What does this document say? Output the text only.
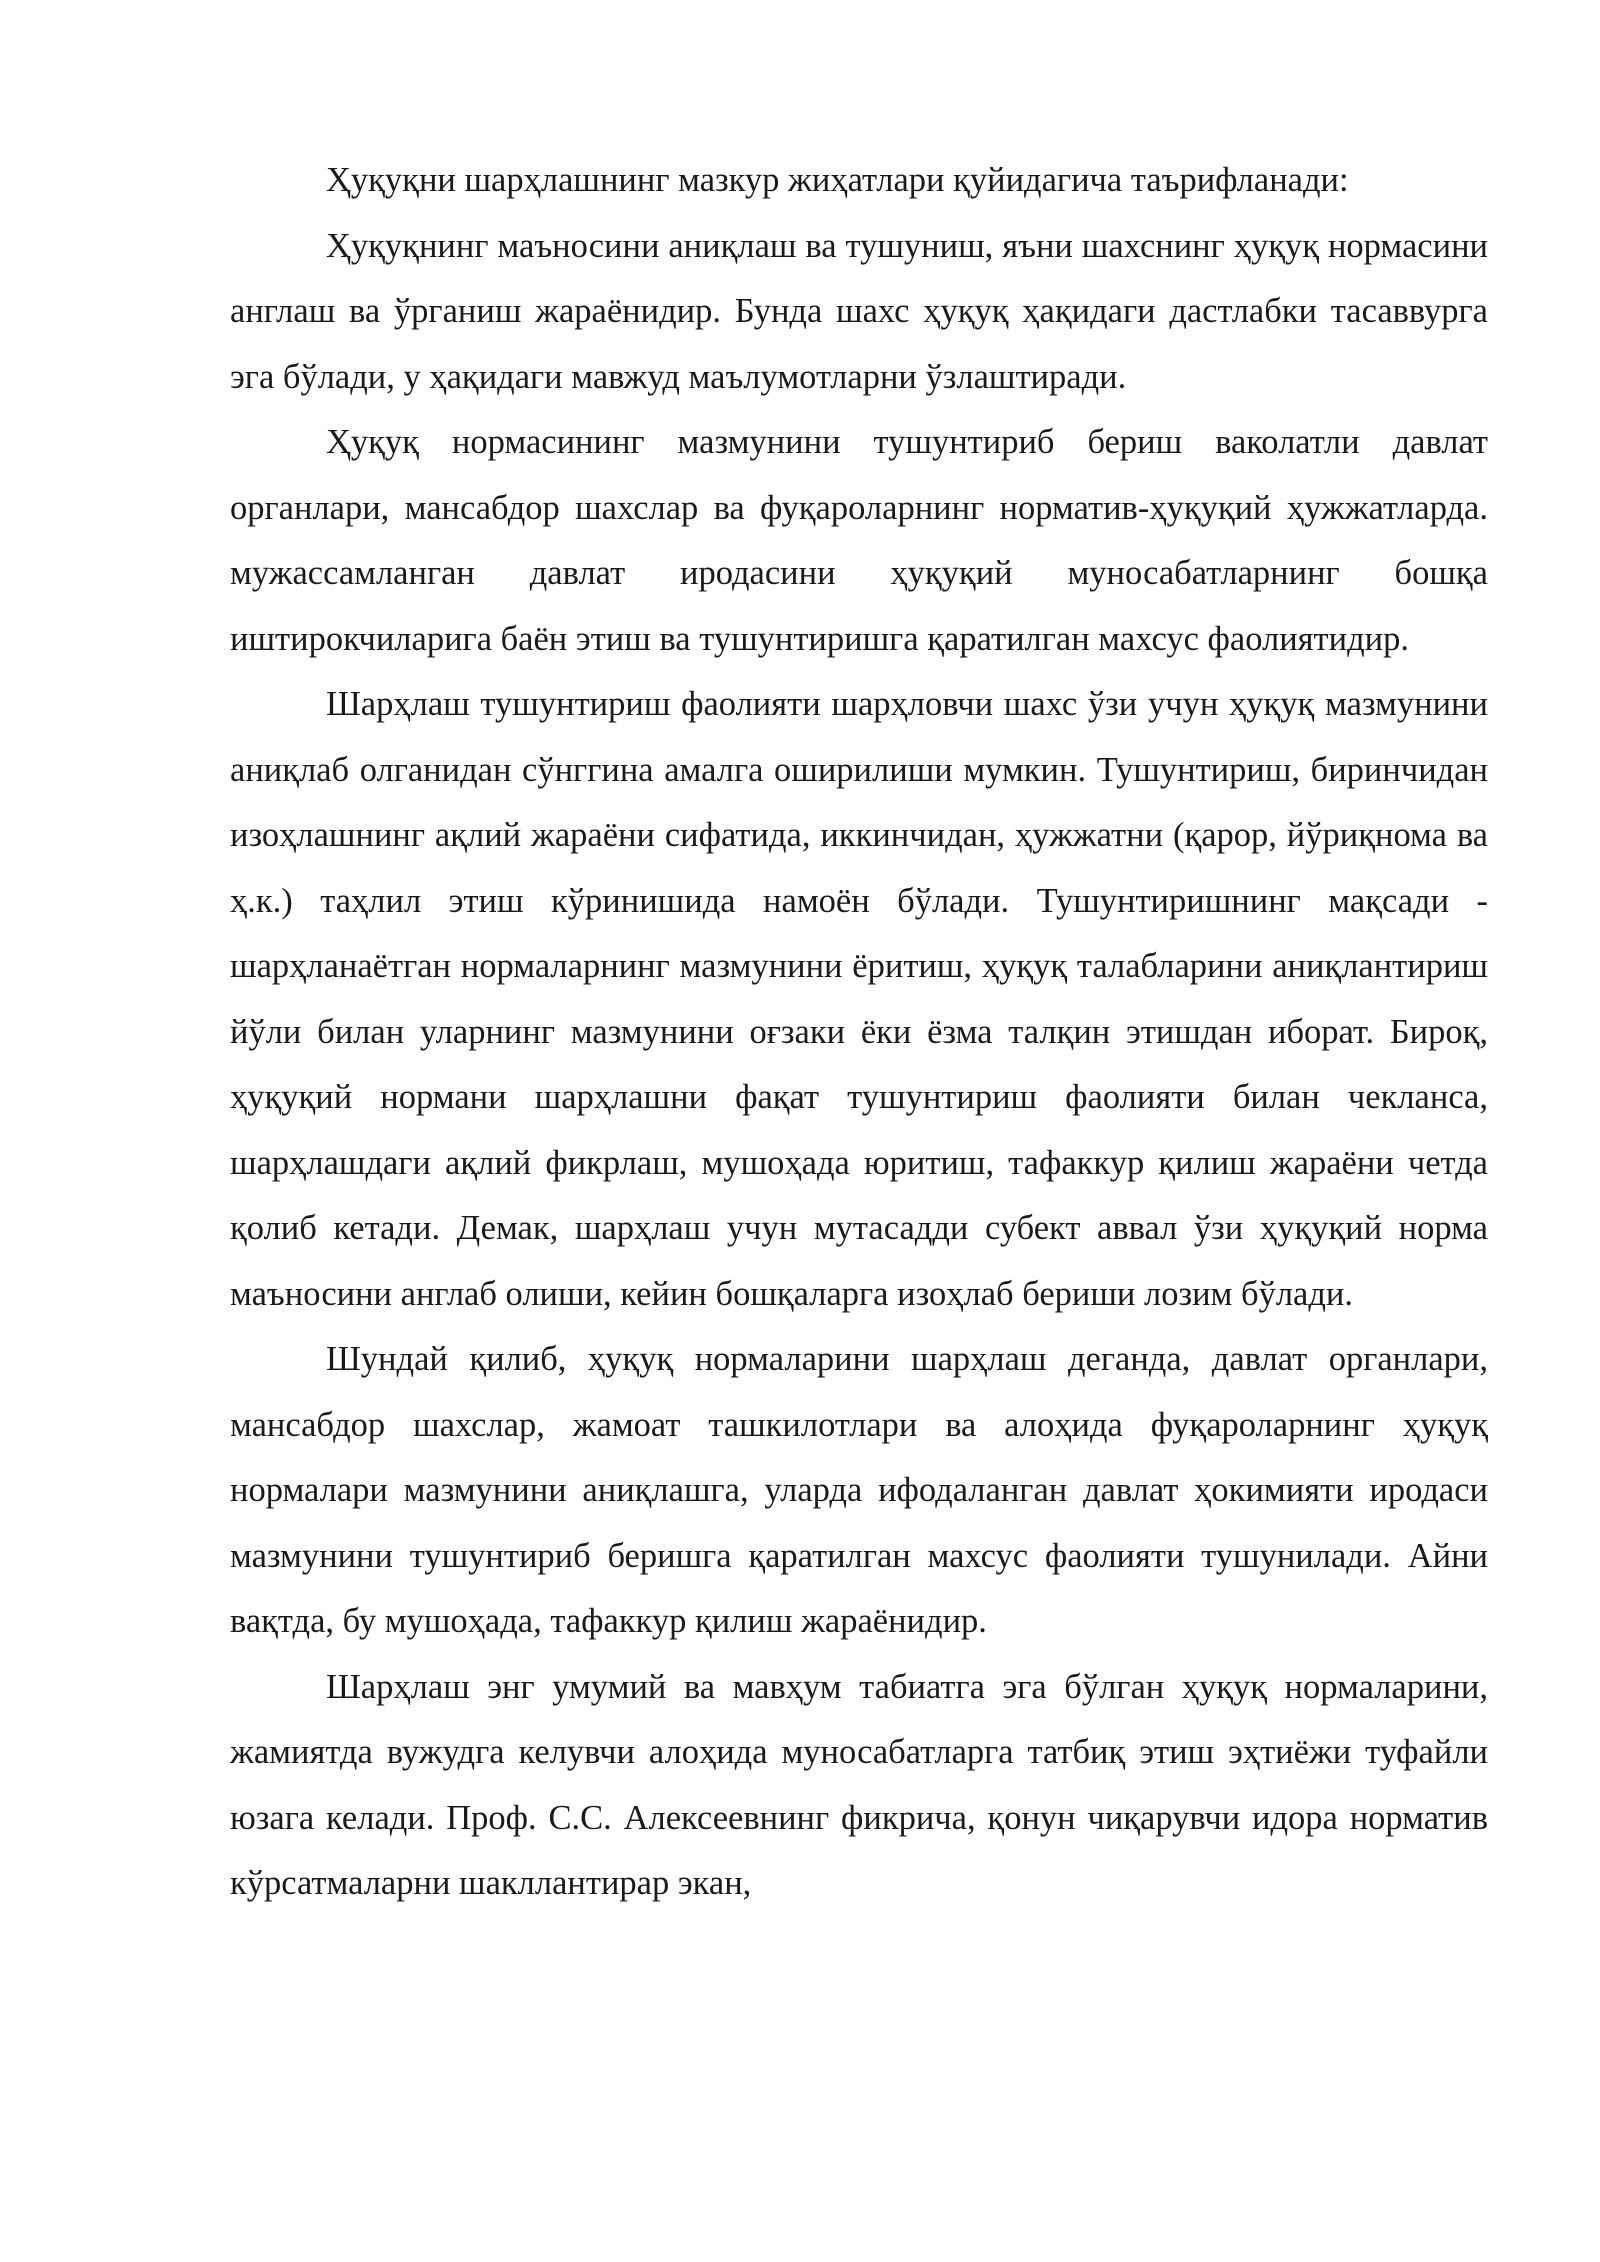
Ҳуқуқни шарҳлашнинг мазкур жиҳатлари қуйидагича таърифланади:

Ҳуқуқнинг маъносини аниқлаш ва тушуниш, яъни шахснинг ҳуқуқ нормасини англаш ва ўрганиш жараёнидир. Бунда шахс ҳуқуқ ҳақидаги дастлабки тасаввурга эга бўлади, у ҳақидаги мавжуд маълумотларни ўзлаштиради.

Ҳуқуқ нормасининг мазмунини тушунтириб бериш ваколатли давлат органлари, мансабдор шахслар ва фуқароларнинг норматив-ҳуқуқий ҳужжатларда. мужассамланган давлат иродасини ҳуқуқий муносабатларнинг бошқа иштирокчиларига баён этиш ва тушунтиришга қаратилган махсус фаолиятидир.

Шарҳлаш тушунтириш фаолияти шарҳловчи шахс ўзи учун ҳуқуқ мазмунини аниқлаб олганидан сўнггина амалга оширилиши мумкин. Тушунтириш, биринчидан изоҳлашнинг ақлий жараёни сифатида, иккинчидан, ҳужжатни (қарор, йўриқнома ва ҳ.к.) таҳлил этиш кўринишида намоён бўлади. Тушунтиришнинг мақсади - шарҳланаётган нормаларнинг мазмунини ёритиш, ҳуқуқ талабларини аниқлантириш йўли билан уларнинг мазмунини оғзаки ёки ёзма талқин этишдан иборат. Бироқ, ҳуқуқий нормани шарҳлашни фақат тушунтириш фаолияти билан чекланса, шарҳлашдаги ақлий фикрлаш, мушоҳада юритиш, тафаккур қилиш жараёни четда қолиб кетади. Демак, шарҳлаш учун мутасадди субект аввал ўзи ҳуқуқий норма маъносини англаб олиши, кейин бошқаларга изоҳлаб бериши лозим бўлади.

Шундай қилиб, ҳуқуқ нормаларини шарҳлаш деганда, давлат органлари, мансабдор шахслар, жамоат ташкилотлари ва алоҳида фуқароларнинг ҳуқуқ нормалари мазмунини аниқлашга, уларда ифодаланган давлат ҳокимияти иродаси мазмунини тушунтириб беришга қаратилган махсус фаолияти тушунилади. Айни вақтда, бу мушоҳада, тафаккур қилиш жараёнидир.

Шарҳлаш энг умумий ва мавҳум табиатга эга бўлган ҳуқуқ нормаларини, жамиятда вужудга келувчи алоҳида муносабатларга татбиқ этиш эҳтиёжи туфайли юзага келади. Проф. С.С. Алексеевнинг фикрича, қонун чиқарувчи идора норматив кўрсатмаларни шакллантирар экан,
